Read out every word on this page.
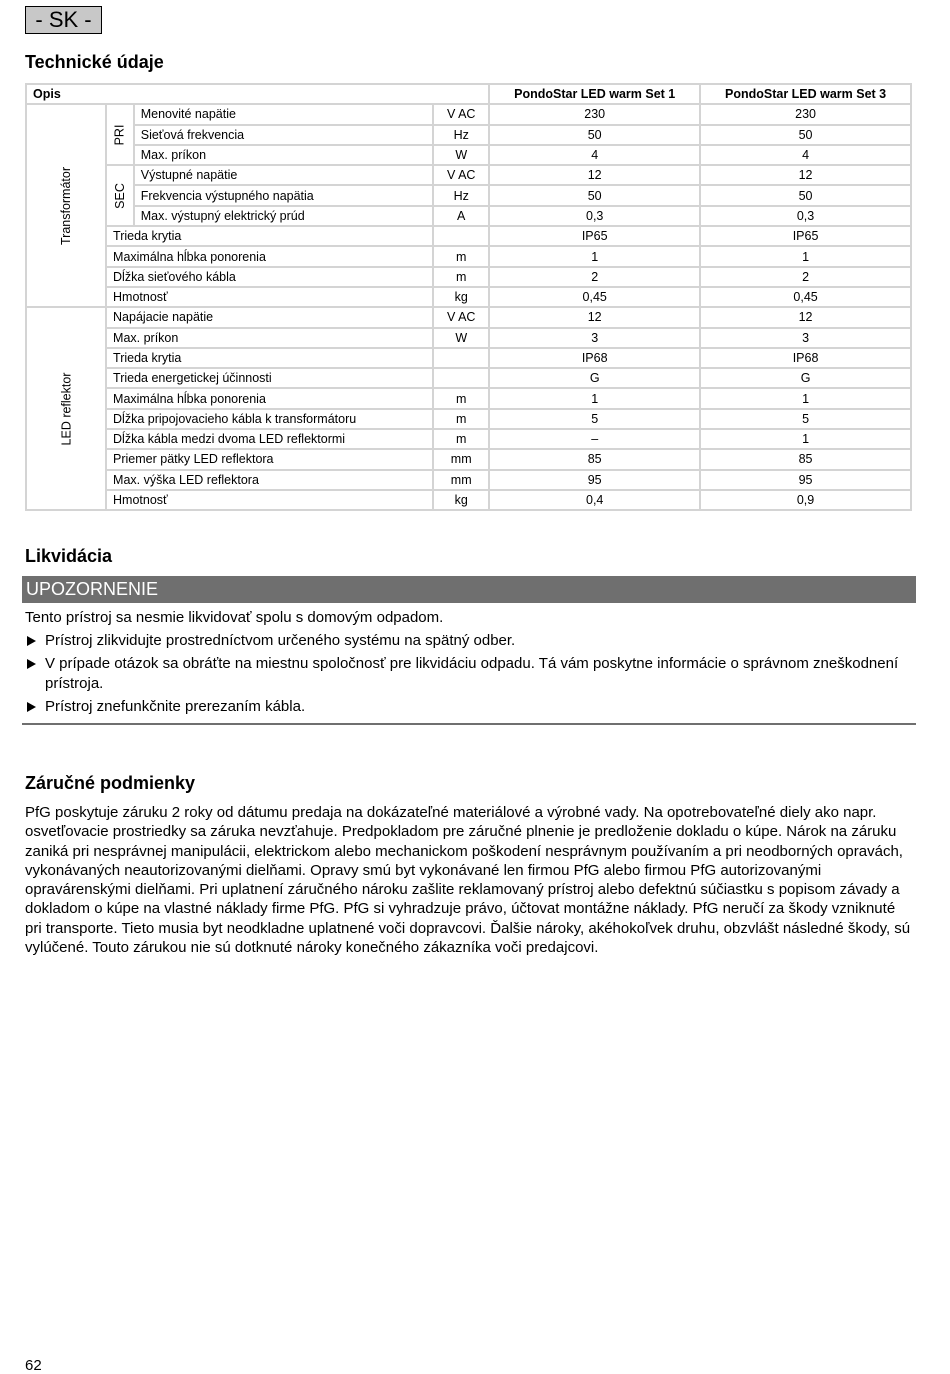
- SK -
Technické údaje
Opis				PondoStar LED warm Set 1	PondoStar LED warm Set 3
Transformátor	PRI	Menovité napätie	V AC	230	230
		Sieťová frekvencia	Hz	50	50
		Max. príkon	W	4	4
	SEC	Výstupné napätie	V AC	12	12
		Frekvencia výstupného napätia	Hz	50	50
		Max. výstupný elektrický prúd	A	0,3	0,3
	Trieda krytia			IP65	IP65
	Maximálna hĺbka ponorenia		m	1	1
	Dĺžka sieťového kábla		m	2	2
	Hmotnosť		kg	0,45	0,45
LED reflektor	Napájacie napätie		V AC	12	12
	Max. príkon		W	3	3
	Trieda krytia			IP68	IP68
	Trieda energetickej účinnosti			G	G
	Maximálna hĺbka ponorenia		m	1	1
	Dĺžka pripojovacieho kábla k transformátoru		m	5	5
	Dĺžka kábla medzi dvoma LED reflektormi		m	–	1
	Priemer pätky LED reflektora		mm	85	85
	Max. výška LED reflektora		mm	95	95
	Hmotnosť		kg	0,4	0,9
Likvidácia
UPOZORNENIE

Tento prístroj sa nesmie likvidovať spolu s domovým odpadom.

Prístroj zlikvidujte prostredníctvom určeného systému na spätný odber.
V prípade otázok sa obráťte na miestnu spoločnosť pre likvidáciu odpadu. Tá vám poskytne informácie o správnom zneškodnení prístroja.
Prístroj znefunkčnite prerezaním kábla.
Záručné podmienky

PfG poskytuje záruku 2 roky od dátumu predaja na dokázateľné materiálové a výrobné vady. Na opotrebovateľné diely ako napr. osvetľovacie prostriedky sa záruka nevzťahuje. Predpokladom pre záručné plnenie je predloženie dokladu o kúpe. Nárok na záruku zaniká pri nesprávnej manipulácii, elektrickom alebo mechanickom poškodení nesprávnym používaním a pri neodborných opravách, vykonávaných neautorizovanými dielňami. Opravy smú byt vykonávané len firmou PfG alebo firmou PfG autorizovanými opravárenskými dielňami. Pri uplatnení záručného nároku zašlite reklamovaný prístroj alebo defektnú súčiastku s popisom závady a dokladom o kúpe na vlastné náklady firme PfG. PfG si vyhradzuje právo, účtovat montážne náklady. PfG neručí za škody vzniknuté pri transporte. Tieto musia byt neodkladne uplatnené voči dopravcovi. Ďalšie nároky, akéhokoľvek druhu, obzvlášt následné škody, sú vylúčené. Touto zárukou nie sú dotknuté nároky konečného zákazníka voči predajcovi.

62
